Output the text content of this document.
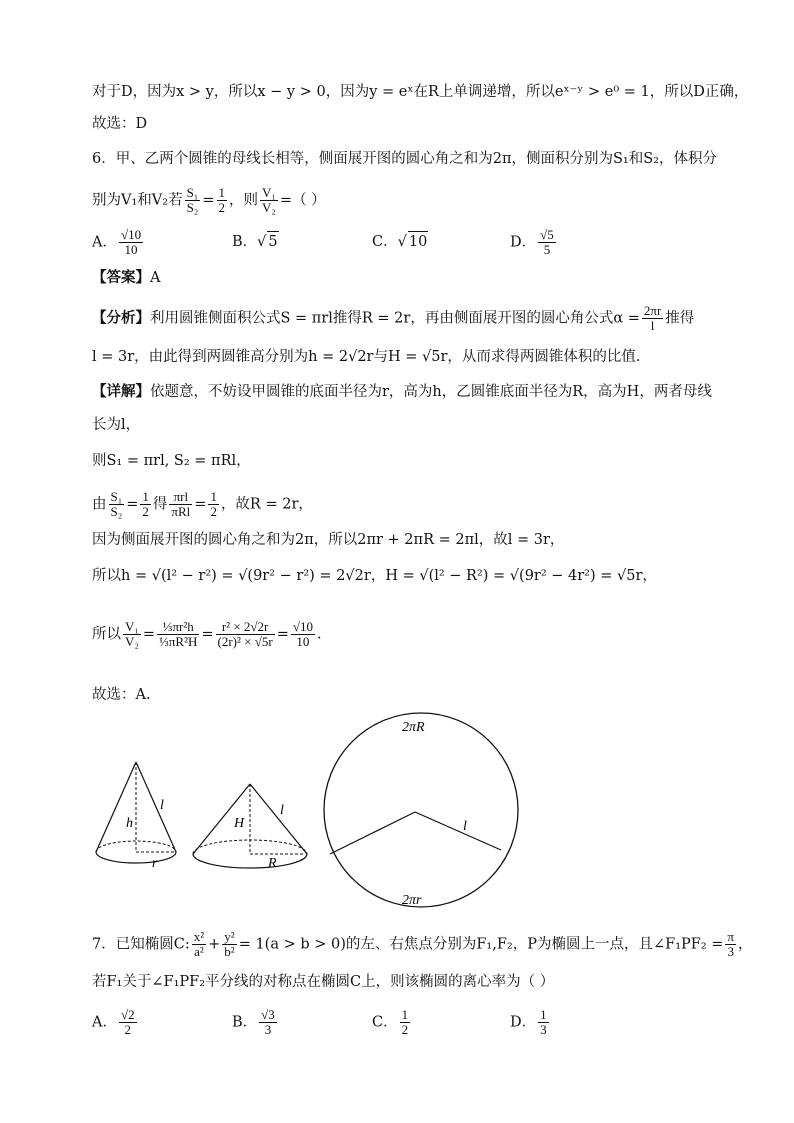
对于D，因为x > y，所以x − y > 0，因为y = eˣ在R上单调递增，所以eˣ⁻ʸ > e⁰ = 1，所以D正确，
故选：D
6．甲、乙两个圆锥的母线长相等，侧面展开图的圆心角之和为2π，侧面积分别为S₁和S₂，体积分
别为V₁和V₂若 $\frac{\text{S₁}}{\text{S₂}} = \frac{1}{2}$ ，则 $\frac{\text{V₁}}{\text{V₂}}$ =（ ）
A． $\frac{√10}{10}$	B．√ 5	C．√ 10	D． $\frac{√5}{5}$
【答案】A
【分析】利用圆锥侧面积公式S = πrl推得R = 2r，再由侧面展开图的圆心角公式$\alpha = \frac{2\pi r}{l}$ 推得
l = 3r，由此得到两圆锥高分别为h = 2√2r与H = √5r，从而求得两圆锥体积的比值.
【详解】依题意，不妨设甲圆锥的底面半径为r，高为h，乙圆锥底面半径为R，高为H，两者母线
长为l，
则S₁ = πrl, S₂ = πRl，
由 $\frac{\text{S₁}}{\text{S₂}} = \frac{1}{2}$ 得 $\frac{\text{πrl}}{\text{πRl}} = \frac{1}{2}$ ，故R = 2r，
因为侧面展开图的圆心角之和为2π，所以2πr + 2πR = 2πl，故l = 3r，
所以h = √(l² − r²) = √(9r² − r²) = 2√2r，H = √(l² − R²) = √(9r² − 4r²) = √5r，
所以 $\frac{\text{V₁}}{\text{V₂}} = \frac{\text{⅓πr²h}}{\text{⅓πR²H}} = \frac{\text{r² × 2√2r}}{\text{(2r)² × √5r}} = \frac{√10}{10}$ .
故选：A.
h
l
r
H
l
R
2πR
l
2πr
7．已知椭圆C: $\frac{\text{x²}}{\text{a²}} + \frac{\text{y²}}{\text{b²}} = 1(a > b > 0)$的左、右焦点分别为F₁,F₂，P为椭圆上一点，且∠F₁PF₂ = $\frac{\pi}{3}$ ，
若F₁关于∠F₁PF₂平分线的对称点在椭圆C上，则该椭圆的离心率为（ ）
A． $\frac{√2}{2}$	B． $\frac{√3}{3}$	C． $\frac{1}{2}$	D． $\frac{1}{3}$
